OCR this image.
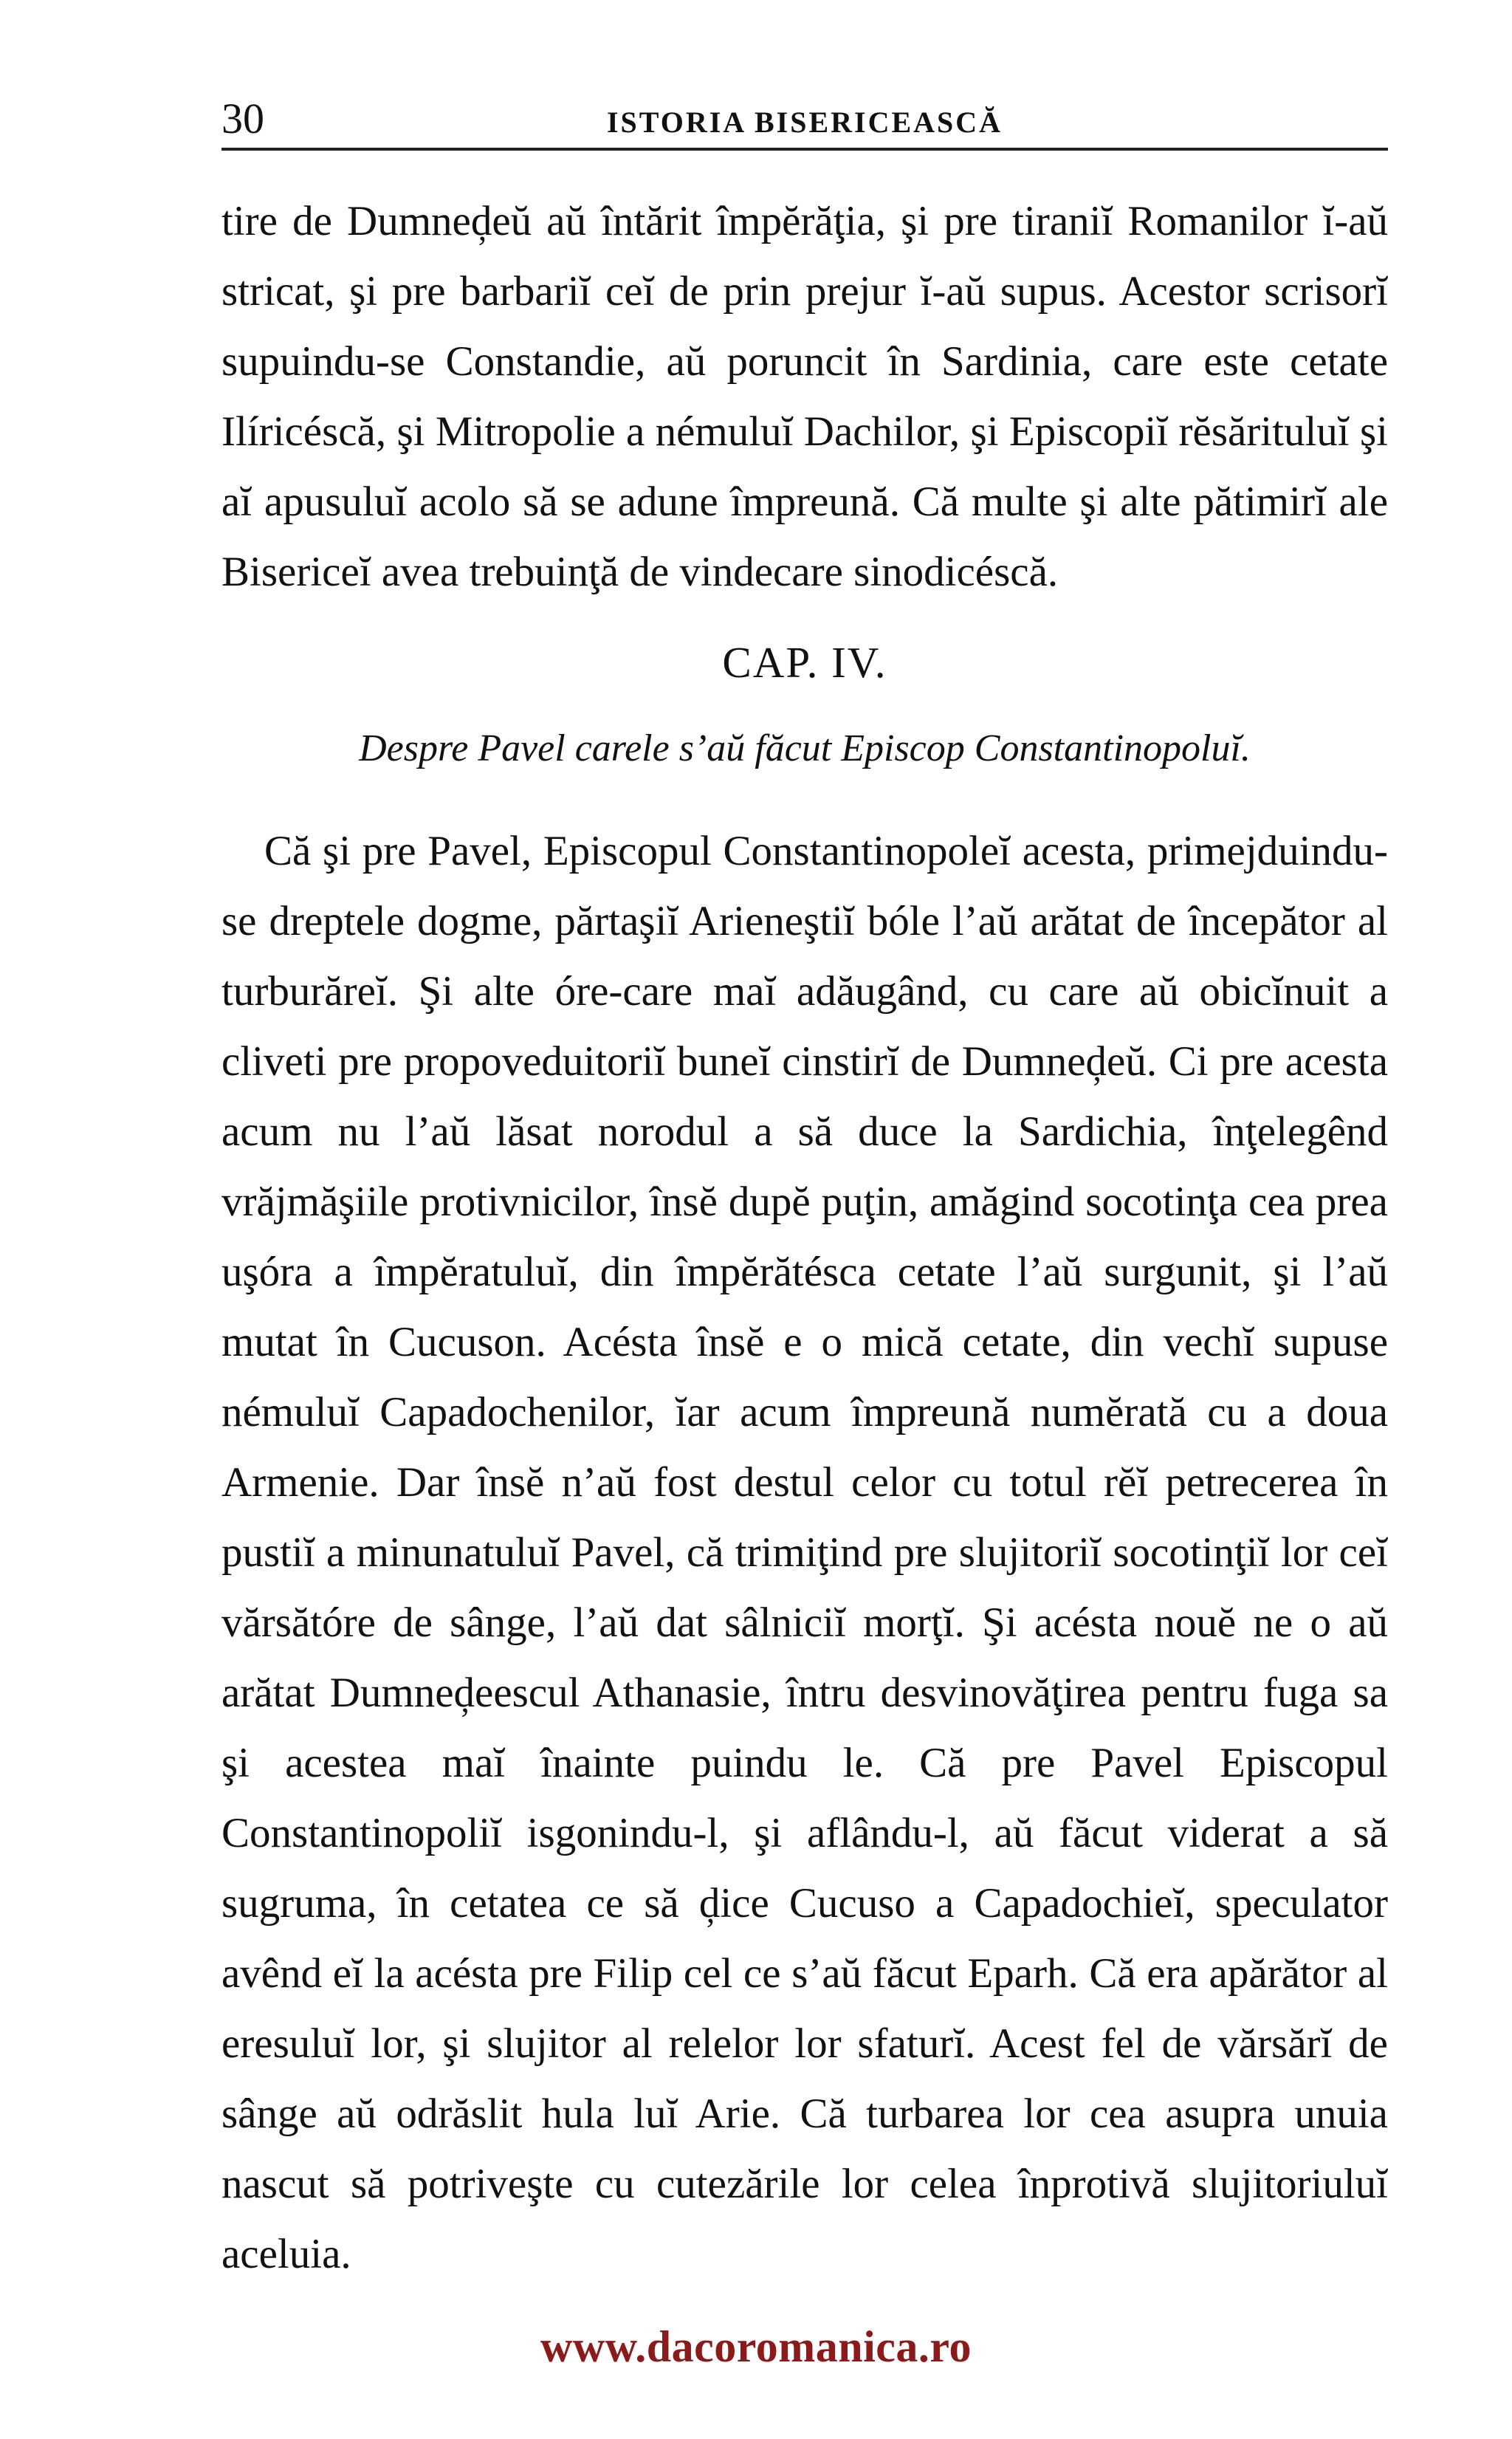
30	ISTORIA BISERICEASCĂ

tire de Dumneḑeŭ aŭ întărit împĕrăţia, şi pre tiraniĭ Romanilor ĭ-aŭ stricat, şi pre barbariĭ ceĭ de prin prejur ĭ-aŭ supus. Acestor scrisorĭ supuindu-se Constandie, aŭ poruncit în Sardinia, care este cetate Ilíricéscă, şi Mitropolie a némuluĭ Dachilor, şi Episcopiĭ rĕsărituluĭ şi aĭ apusuluĭ acolo să se adune împreună. Că multe şi alte pătimirĭ ale Bisericeĭ avea trebuinţă de vindecare sinodicéscă.

CAP. IV.
Despre Pavel carele s’aŭ făcut Episcop Constantinopoluĭ.

Că şi pre Pavel, Episcopul Constantinopoleĭ acesta, primejduindu-se dreptele dogme, părtaşiĭ Arieneştiĭ bóle l’aŭ arătat de începător al turburăreĭ. Şi alte óre-care maĭ adăugând, cu care aŭ obicĭnuit a cliveti pre propoveduitoriĭ buneĭ cinstirĭ de Dumneḑeŭ. Ci pre acesta acum nu l’aŭ lăsat norodul a să duce la Sardichia, înţelegênd vrăjmăşiile protivnicilor, însĕ dupĕ puţin, amăgind socotinţa cea prea uşóra a împĕratuluĭ, din împĕrătésca cetate l’aŭ surgunit, şi l’aŭ mutat în Cucuson. Acésta însĕ e o mică cetate, din vechĭ supuse némuluĭ Capadochenilor, ĭar acum împreună numĕrată cu a doua Armenie. Dar însĕ n’aŭ fost destul celor cu totul rĕĭ petrecerea în pustiĭ a minunatuluĭ Pavel, că trimiţind pre slujitoriĭ socotinţiĭ lor ceĭ vărsătóre de sânge, l’aŭ dat sâlniciĭ morţĭ. Şi acésta nouĕ ne o aŭ arătat Dumneḑeescul Athanasie, întru desvinovăţirea pentru fuga sa şi acestea maĭ înainte puindu le. Că pre Pavel Episcopul Constantinopoliĭ isgonindu-l, şi aflându-l, aŭ făcut viderat a să sugruma, în cetatea ce să ḑice Cucuso a Capadochieĭ, speculator avênd eĭ la acésta pre Filip cel ce s’aŭ făcut Eparh. Că era apărător al eresuluĭ lor, şi slujitor al relelor lor sfaturĭ. Acest fel de vărsărĭ de sânge aŭ odrăslit hula luĭ Arie. Că turbarea lor cea asupra unuia nascut să potriveşte cu cutezările lor celea înprotivă slujitoriuluĭ aceluia.

www.dacoromanica.ro
